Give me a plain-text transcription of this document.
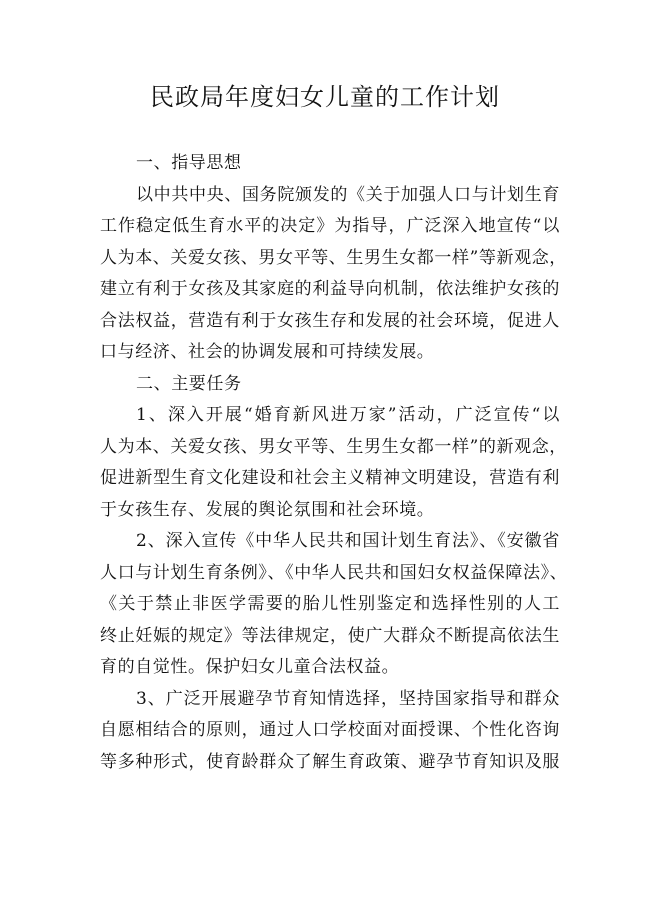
民政局年度妇女儿童的工作计划
一、指导思想
以中共中央、国务院颁发的《关于加强人口与计划生育
工作稳定低生育水平的决定》为指导，广泛深入地宣传“以
人为本、关爱女孩、男女平等、生男生女都一样”等新观念，
建立有利于女孩及其家庭的利益导向机制，依法维护女孩的
合法权益，营造有利于女孩生存和发展的社会环境，促进人
口与经济、社会的协调发展和可持续发展。
二、主要任务
1、深入开展“婚育新风进万家”活动，广泛宣传“以
人为本、关爱女孩、男女平等、生男生女都一样”的新观念，
促进新型生育文化建设和社会主义精神文明建设，营造有利
于女孩生存、发展的舆论氛围和社会环境。
2、深入宣传《中华人民共和国计划生育法》、《安徽省
人口与计划生育条例》、《中华人民共和国妇女权益保障法》、
《关于禁止非医学需要的胎儿性别鉴定和选择性别的人工
终止妊娠的规定》等法律规定，使广大群众不断提高依法生
育的自觉性。保护妇女儿童合法权益。
3、广泛开展避孕节育知情选择，坚持国家指导和群众
自愿相结合的原则，通过人口学校面对面授课、个性化咨询
等多种形式，使育龄群众了解生育政策、避孕节育知识及服
